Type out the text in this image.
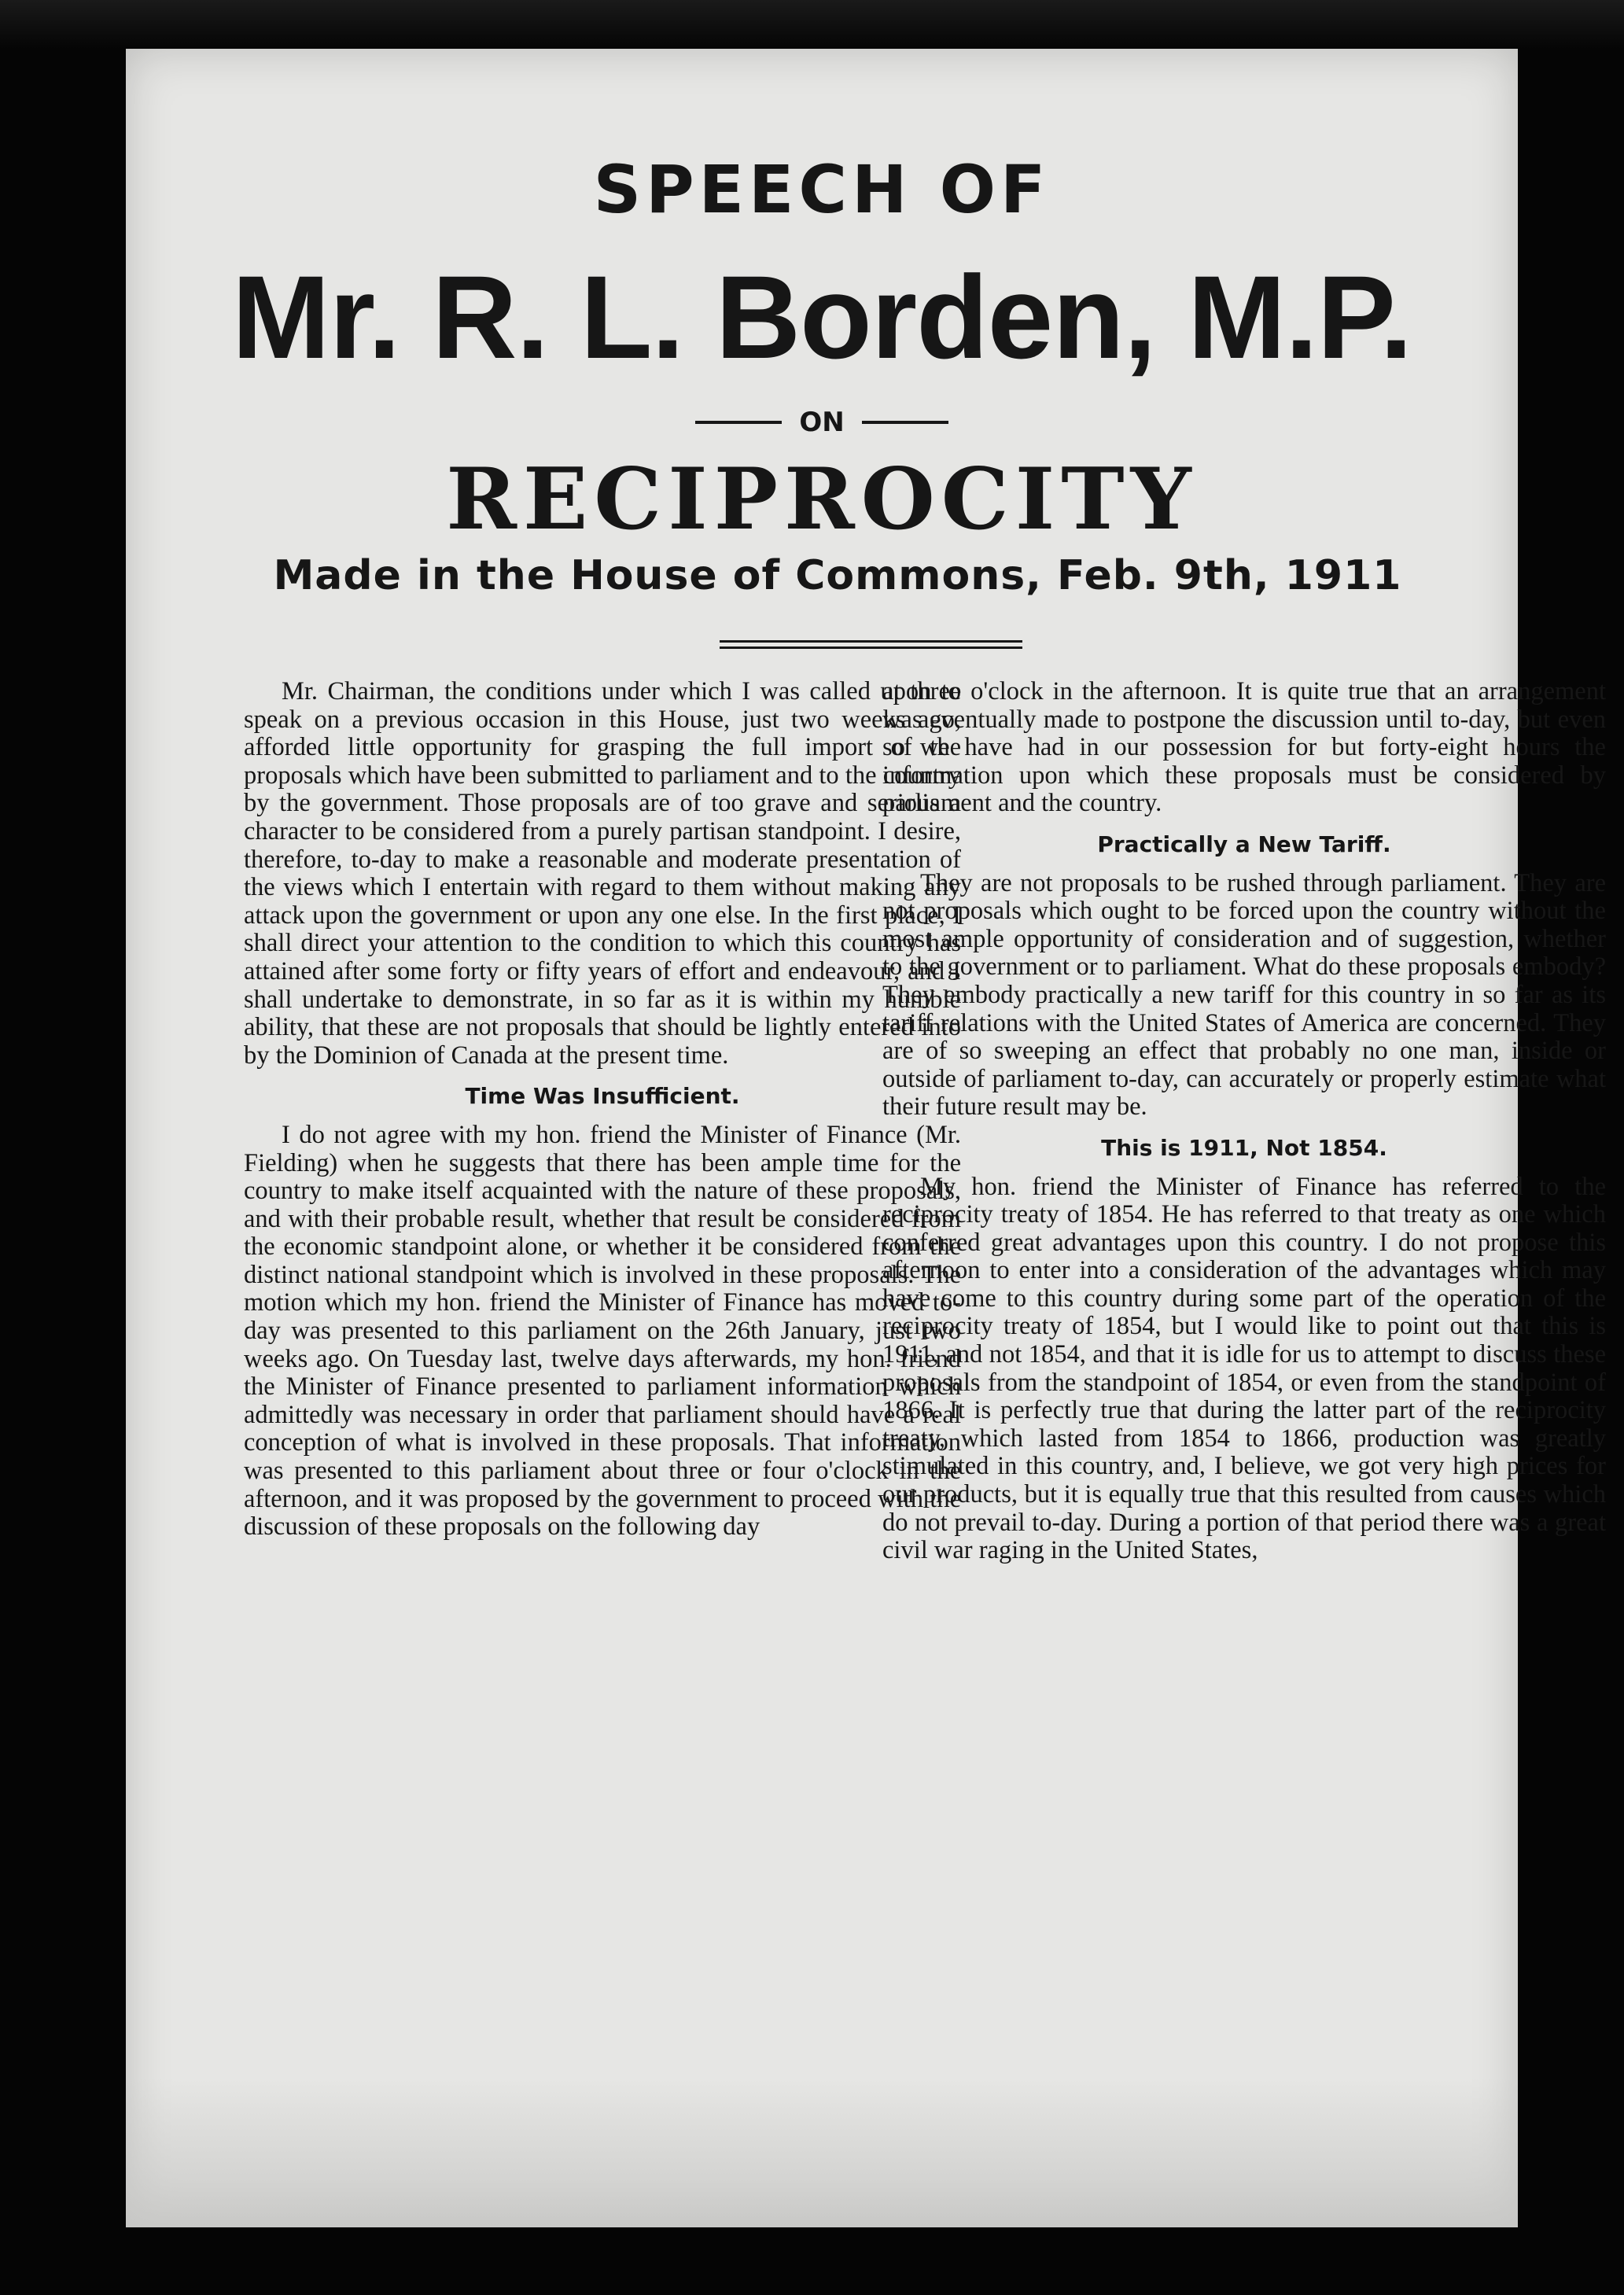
SPEECH OF
Mr. R. L. Borden, M.P.
ON
RECIPROCITY
Made in the House of Commons, Feb. 9th, 1911

Mr. Chairman, the conditions under which I was called upon to speak on a previous occasion in this House, just two weeks ago, afforded little opportunity for grasping the full import of the proposals which have been submitted to parliament and to the country by the government. Those proposals are of too grave and serious a character to be considered from a purely partisan standpoint. I desire, therefore, to-day to make a reasonable and moderate presentation of the views which I entertain with regard to them without making any attack upon the government or upon any one else. In the first place, I shall direct your attention to the condition to which this country has attained after some forty or fifty years of effort and endeavour, and I shall undertake to demonstrate, in so far as it is within my humble ability, that these are not proposals that should be lightly entered into by the Dominion of Canada at the present time.

Time Was Insufficient.

I do not agree with my hon. friend the Minister of Finance (Mr. Fielding) when he suggests that there has been ample time for the country to make itself acquainted with the nature of these proposals, and with their probable result, whether that result be considered from the economic standpoint alone, or whether it be considered from the distinct national standpoint which is involved in these proposals. The motion which my hon. friend the Minister of Finance has moved to-day was presented to this parliament on the 26th January, just two weeks ago. On Tuesday last, twelve days afterwards, my hon. friend the Minister of Finance presented to parliament information which admittedly was necessary in order that parliament should have a real conception of what is involved in these proposals. That information was presented to this parliament about three or four o'clock in the afternoon, and it was proposed by the government to proceed with the discussion of these proposals on the following day

at three o'clock in the afternoon. It is quite true that an arrangement was eventually made to postpone the discussion until to-day, but even so we have had in our possession for but forty-eight hours the information upon which these proposals must be considered by parliament and the country.

Practically a New Tariff.

They are not proposals to be rushed through parliament. They are not proposals which ought to be forced upon the country without the most ample opportunity of consideration and of suggestion, whether to the government or to parliament. What do these proposals embody? They embody practically a new tariff for this country in so far as its tariff relations with the United States of America are concerned. They are of so sweeping an effect that probably no one man, inside or outside of parliament to-day, can accurately or properly estimate what their future result may be.

This is 1911, Not 1854.

My hon. friend the Minister of Finance has referred to the reciprocity treaty of 1854. He has referred to that treaty as one which conferred great advantages upon this country. I do not propose this afternoon to enter into a consideration of the advantages which may have come to this country during some part of the operation of the reciprocity treaty of 1854, but I would like to point out that this is 1911, and not 1854, and that it is idle for us to attempt to discuss these proposals from the standpoint of 1854, or even from the standpoint of 1866. It is perfectly true that during the latter part of the reciprocity treaty, which lasted from 1854 to 1866, production was greatly stimulated in this country, and, I believe, we got very high prices for our products, but it is equally true that this resulted from causes which do not prevail to-day. During a portion of that period there was a great civil war raging in the United States,
